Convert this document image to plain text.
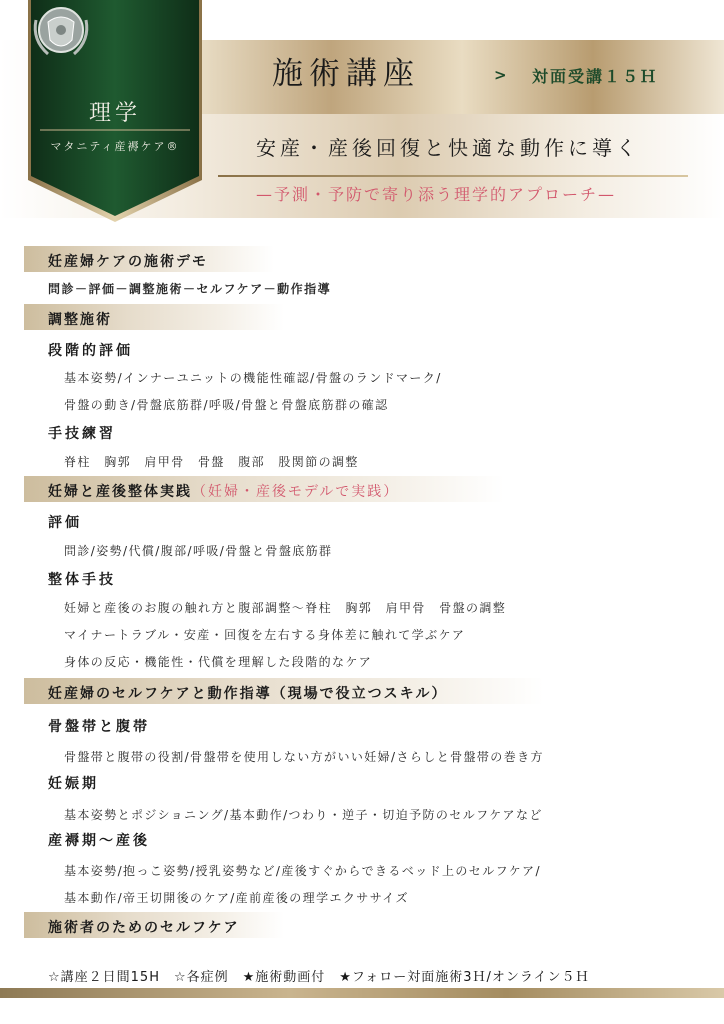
理学
マタニティ産褥ケア®
施術講座	> 対面受講１５Ｈ
安産・産後回復と快適な動作に導く
—予測・予防で寄り添う理学的アプローチ—
妊産婦ケアの施術デモ
問診－評価－調整施術－セルフケア－動作指導
調整施術
段階的評価
基本姿勢/インナーユニットの機能性確認/骨盤のランドマーク/
骨盤の動き/骨盤底筋群/呼吸/骨盤と骨盤底筋群の確認
手技練習
脊柱　胸郭　肩甲骨　骨盤　腹部　股関節の調整
妊婦と産後整体実践（妊婦・産後モデルで実践）
評価
問診/姿勢/代償/腹部/呼吸/骨盤と骨盤底筋群
整体手技
妊婦と産後のお腹の触れ方と腹部調整～脊柱　胸郭　肩甲骨　骨盤の調整
マイナートラブル・安産・回復を左右する身体差に触れて学ぶケア
身体の反応・機能性・代償を理解した段階的なケア
妊産婦のセルフケアと動作指導（現場で役立つスキル）
骨盤帯と腹帯
骨盤帯と腹帯の役割/骨盤帯を使用しない方がいい妊婦/さらしと骨盤帯の巻き方
妊娠期
基本姿勢とポジショニング/基本動作/つわり・逆子・切迫予防のセルフケアなど
産褥期～産後
基本姿勢/抱っこ姿勢/授乳姿勢など/産後すぐからできるベッド上のセルフケア/
基本動作/帝王切開後のケア/産前産後の理学エクササイズ
施術者のためのセルフケア
☆講座２日間15H　☆各症例　★施術動画付　★フォロー対面施術3Ｈ/オンライン５Ｈ
